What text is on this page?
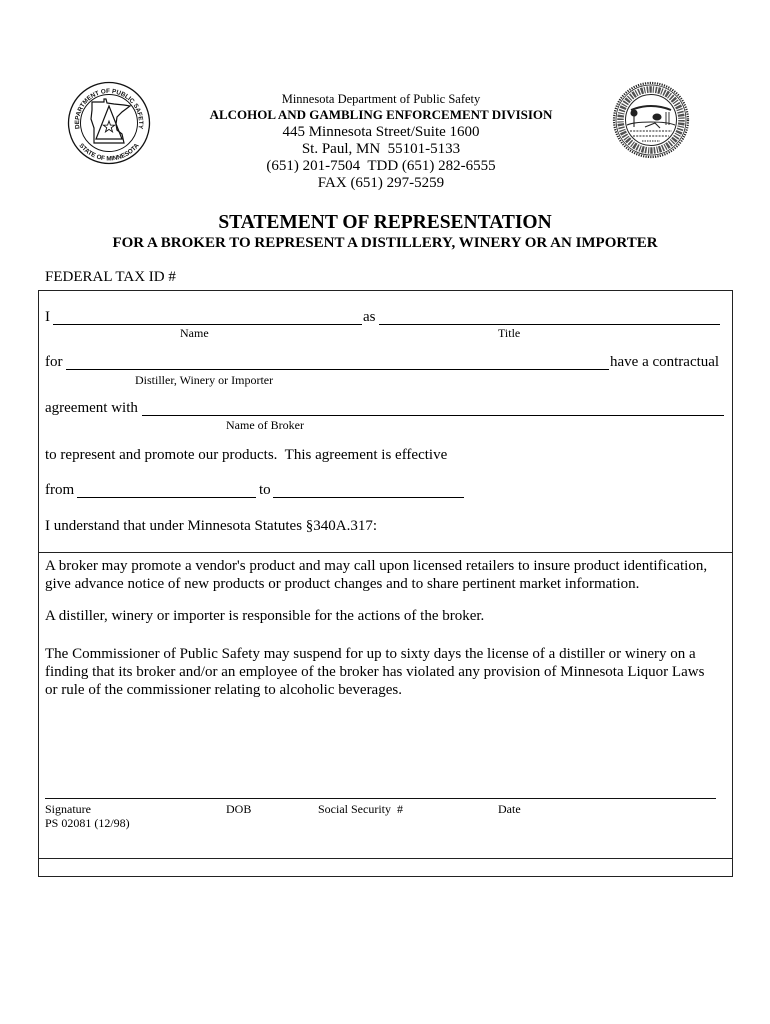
DEPARTMENT OF PUBLIC SAFETY
STATE OF MINNESOTA
Minnesota Department of Public Safety
ALCOHOL AND GAMBLING ENFORCEMENT DIVISION
445 Minnesota Street/Suite 1600
St. Paul, MN  55101-5133
(651) 201-7504  TDD (651) 282-6555
FAX (651) 297-5259
STATEMENT OF REPRESENTATION
FOR A BROKER TO REPRESENT A DISTILLERY, WINERY OR AN IMPORTER
FEDERAL TAX ID #
I	as
Name	Title
for	have a contractual
Distiller, Winery or Importer
agreement with
Name of Broker
to represent and promote our products.  This agreement is effective
from	to
I understand that under Minnesota Statutes §340A.317:
A broker may promote a vendor's product and may call upon licensed retailers to insure product identification,
give advance notice of new products or product changes and to share pertinent market information.
A distiller, winery or importer is responsible for the actions of the broker.
The Commissioner of Public Safety may suspend for up to sixty days the license of a distiller or winery on a
finding that its broker and/or an employee of the broker has violated any provision of Minnesota Liquor Laws
or rule of the commissioner relating to alcoholic beverages.
Signature	DOB	Social Security  #	Date
PS 02081 (12/98)
